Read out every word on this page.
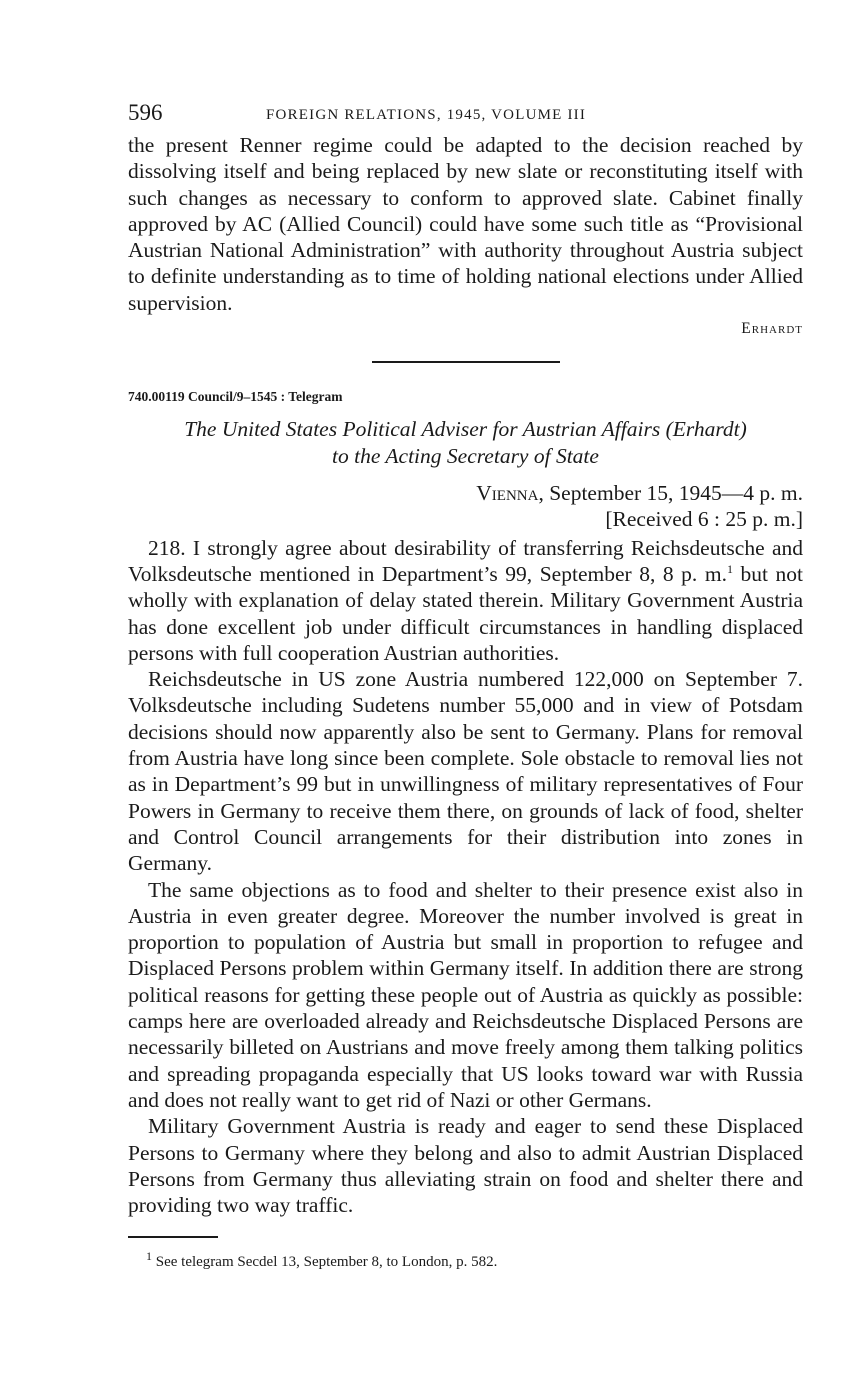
596	FOREIGN RELATIONS, 1945, VOLUME III

the present Renner regime could be adapted to the decision reached by dissolving itself and being replaced by new slate or reconstituting itself with such changes as necessary to conform to approved slate. Cabinet finally approved by AC (Allied Council) could have some such title as “Provisional Austrian National Administration” with authority throughout Austria subject to definite understanding as to time of holding national elections under Allied supervision.

Erhardt
740.00119 Council/9–1545 : Telegram
The United States Political Adviser for Austrian Affairs (Erhardt)
to the Acting Secretary of State
Vienna, September 15, 1945—4 p. m.
[Received 6 : 25 p. m.]

218. I strongly agree about desirability of transferring Reichsdeutsche and Volksdeutsche mentioned in Department’s 99, September 8, 8 p. m.$^1$ but not wholly with explanation of delay stated therein. Military Government Austria has done excellent job under difficult circumstances in handling displaced persons with full cooperation Austrian authorities.

Reichsdeutsche in US zone Austria numbered 122,000 on September 7. Volksdeutsche including Sudetens number 55,000 and in view of Potsdam decisions should now apparently also be sent to Germany. Plans for removal from Austria have long since been complete. Sole obstacle to removal lies not as in Department’s 99 but in unwillingness of military representatives of Four Powers in Germany to receive them there, on grounds of lack of food, shelter and Control Council arrangements for their distribution into zones in Germany.

The same objections as to food and shelter to their presence exist also in Austria in even greater degree. Moreover the number involved is great in proportion to population of Austria but small in proportion to refugee and Displaced Persons problem within Germany itself. In addition there are strong political reasons for getting these people out of Austria as quickly as possible: camps here are overloaded already and Reichsdeutsche Displaced Persons are necessarily billeted on Austrians and move freely among them talking politics and spreading propaganda especially that US looks toward war with Russia and does not really want to get rid of Nazi or other Germans.

Military Government Austria is ready and eager to send these Displaced Persons to Germany where they belong and also to admit Austrian Displaced Persons from Germany thus alleviating strain on food and shelter there and providing two way traffic.

$^1$ See telegram Secdel 13, September 8, to London, p. 582.
